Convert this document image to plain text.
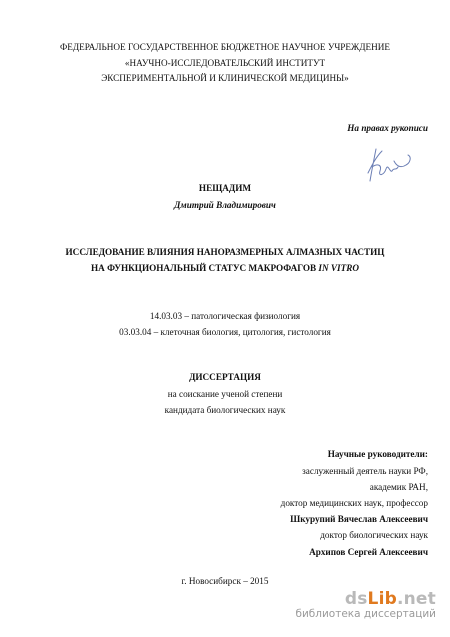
ФЕДЕРАЛЬНОЕ ГОСУДАРСТВЕННОЕ БЮДЖЕТНОЕ НАУЧНОЕ УЧРЕЖДЕНИЕ
«НАУЧНО-ИССЛЕДОВАТЕЛЬСКИЙ ИНСТИТУТ
ЭКСПЕРИМЕНТАЛЬНОЙ И КЛИНИЧЕСКОЙ МЕДИЦИНЫ»
На правах рукописи
НЕЩАДИМ
Дмитрий Владимирович
ИССЛЕДОВАНИЕ ВЛИЯНИЯ НАНОРАЗМЕРНЫХ АЛМАЗНЫХ ЧАСТИЦ
НА ФУНКЦИОНАЛЬНЫЙ СТАТУС МАКРОФАГОВ IN VITRO
14.03.03 – патологическая физиология
03.03.04 – клеточная биология, цитология, гистология
ДИССЕРТАЦИЯ
на соискание ученой степени
кандидата биологических наук
Научные руководители:
заслуженный деятель науки РФ,
академик РАН,
доктор медицинских наук, профессор
Шкурупий Вячеслав Алексеевич
доктор биологических наук
Архипов Сергей Алексеевич
г. Новосибирск – 2015
dsLib.net
библиотека диссертаций
